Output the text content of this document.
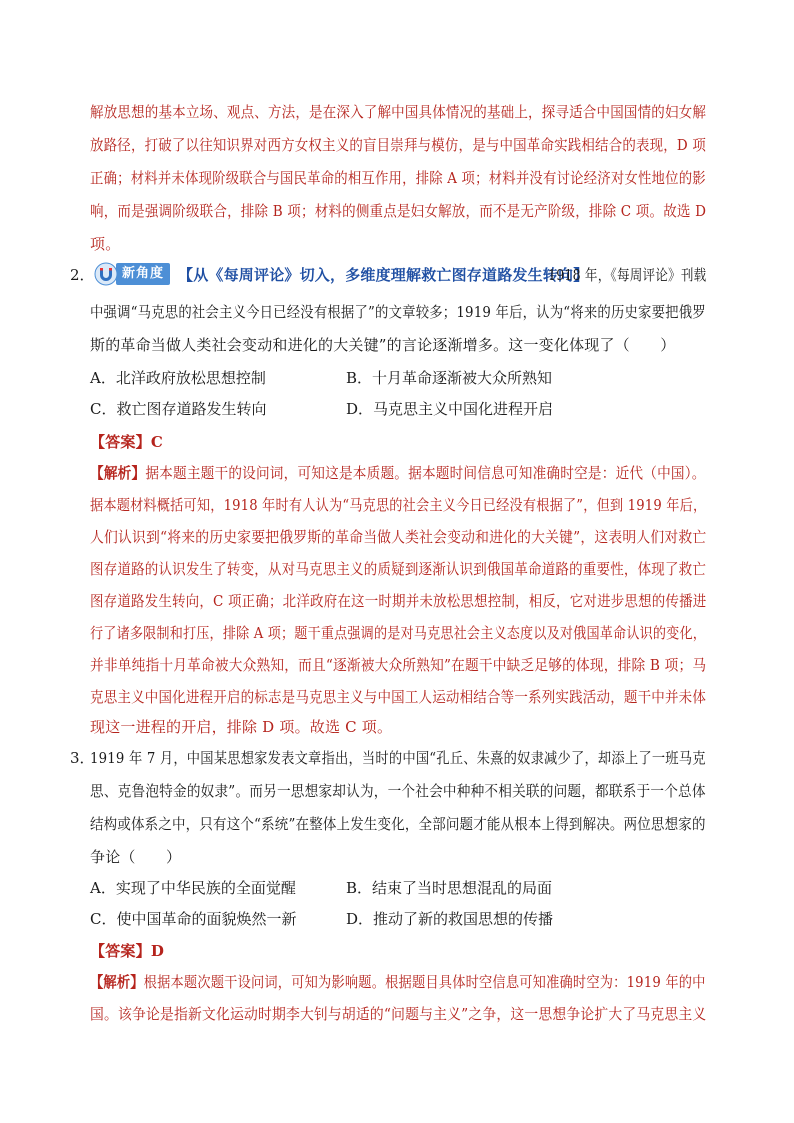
解放思想的基本立场、观点、方法，是在深入了解中国具体情况的基础上，探寻适合中国国情的妇女解
放路径，打破了以往知识界对西方女权主义的盲目崇拜与模仿，是与中国革命实践相结合的表现，D 项
正确；材料并未体现阶级联合与国民革命的相互作用，排除 A 项；材料并没有讨论经济对女性地位的影
响，而是强调阶级联合，排除 B 项；材料的侧重点是妇女解放，而不是无产阶级，排除 C 项。故选 D
项。
2．	新角度 【从《每周评论》切入，多维度理解救亡图存道路发生转向】
1918 年，《每周评论》刊载
中强调“马克思的社会主义今日已经没有根据了”的文章较多；1919 年后，认为“将来的历史家要把俄罗
斯的革命当做人类社会变动和进化的大关键”的言论逐渐增多。这一变化体现了（　　）
A．北洋政府放松思想控制	B．十月革命逐渐被大众所熟知
C．救亡图存道路发生转向	D．马克思主义中国化进程开启
【答案】C
【解析】据本题主题干的设问词，可知这是本质题。据本题时间信息可知准确时空是：近代（中国）。
据本题材料概括可知，1918 年时有人认为“马克思的社会主义今日已经没有根据了”，但到 1919 年后，
人们认识到“将来的历史家要把俄罗斯的革命当做人类社会变动和进化的大关键”，这表明人们对救亡
图存道路的认识发生了转变，从对马克思主义的质疑到逐渐认识到俄国革命道路的重要性，体现了救亡
图存道路发生转向，C 项正确；北洋政府在这一时期并未放松思想控制，相反，它对进步思想的传播进
行了诸多限制和打压，排除 A 项；题干重点强调的是对马克思社会主义态度以及对俄国革命认识的变化，
并非单纯指十月革命被大众熟知，而且“逐渐被大众所熟知”在题干中缺乏足够的体现，排除 B 项；马
克思主义中国化进程开启的标志是马克思主义与中国工人运动相结合等一系列实践活动，题干中并未体
现这一进程的开启，排除 D 项。故选 C 项。
3．
1919 年 7 月，中国某思想家发表文章指出，当时的中国“孔丘、朱熹的奴隶减少了，却添上了一班马克
思、克鲁泡特金的奴隶”。而另一思想家却认为，一个社会中种种不相关联的问题，都联系于一个总体
结构或体系之中，只有这个“系统”在整体上发生变化，全部问题才能从根本上得到解决。两位思想家的
争论（　　）
A．实现了中华民族的全面觉醒	B．结束了当时思想混乱的局面
C．使中国革命的面貌焕然一新	D．推动了新的救国思想的传播
【答案】D
【解析】根据本题次题干设问词，可知为影响题。根据题目具体时空信息可知准确时空为：1919 年的中
国。该争论是指新文化运动时期李大钊与胡适的“问题与主义”之争，这一思想争论扩大了马克思主义
